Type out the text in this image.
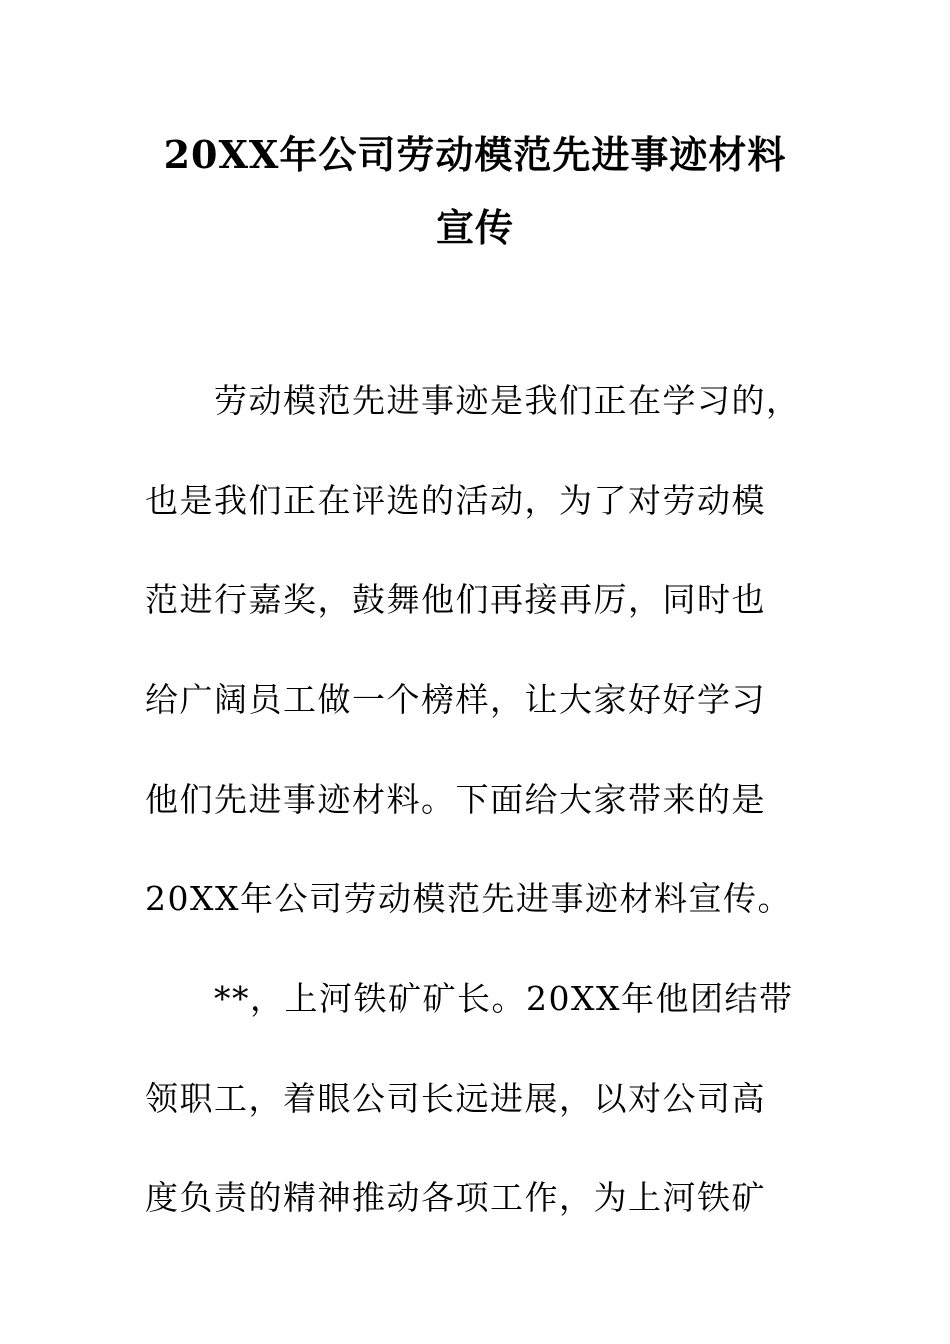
20XX年公司劳动模范先进事迹材料
宣传
劳动模范先进事迹是我们正在学习的，
也是我们正在评选的活动，为了对劳动模
范进行嘉奖，鼓舞他们再接再厉，同时也
给广阔员工做一个榜样，让大家好好学习
他们先进事迹材料。下面给大家带来的是
20XX年公司劳动模范先进事迹材料宣传。
**，上河铁矿矿长。20XX年他团结带
领职工，着眼公司长远进展，以对公司高
度负责的精神推动各项工作，为上河铁矿
